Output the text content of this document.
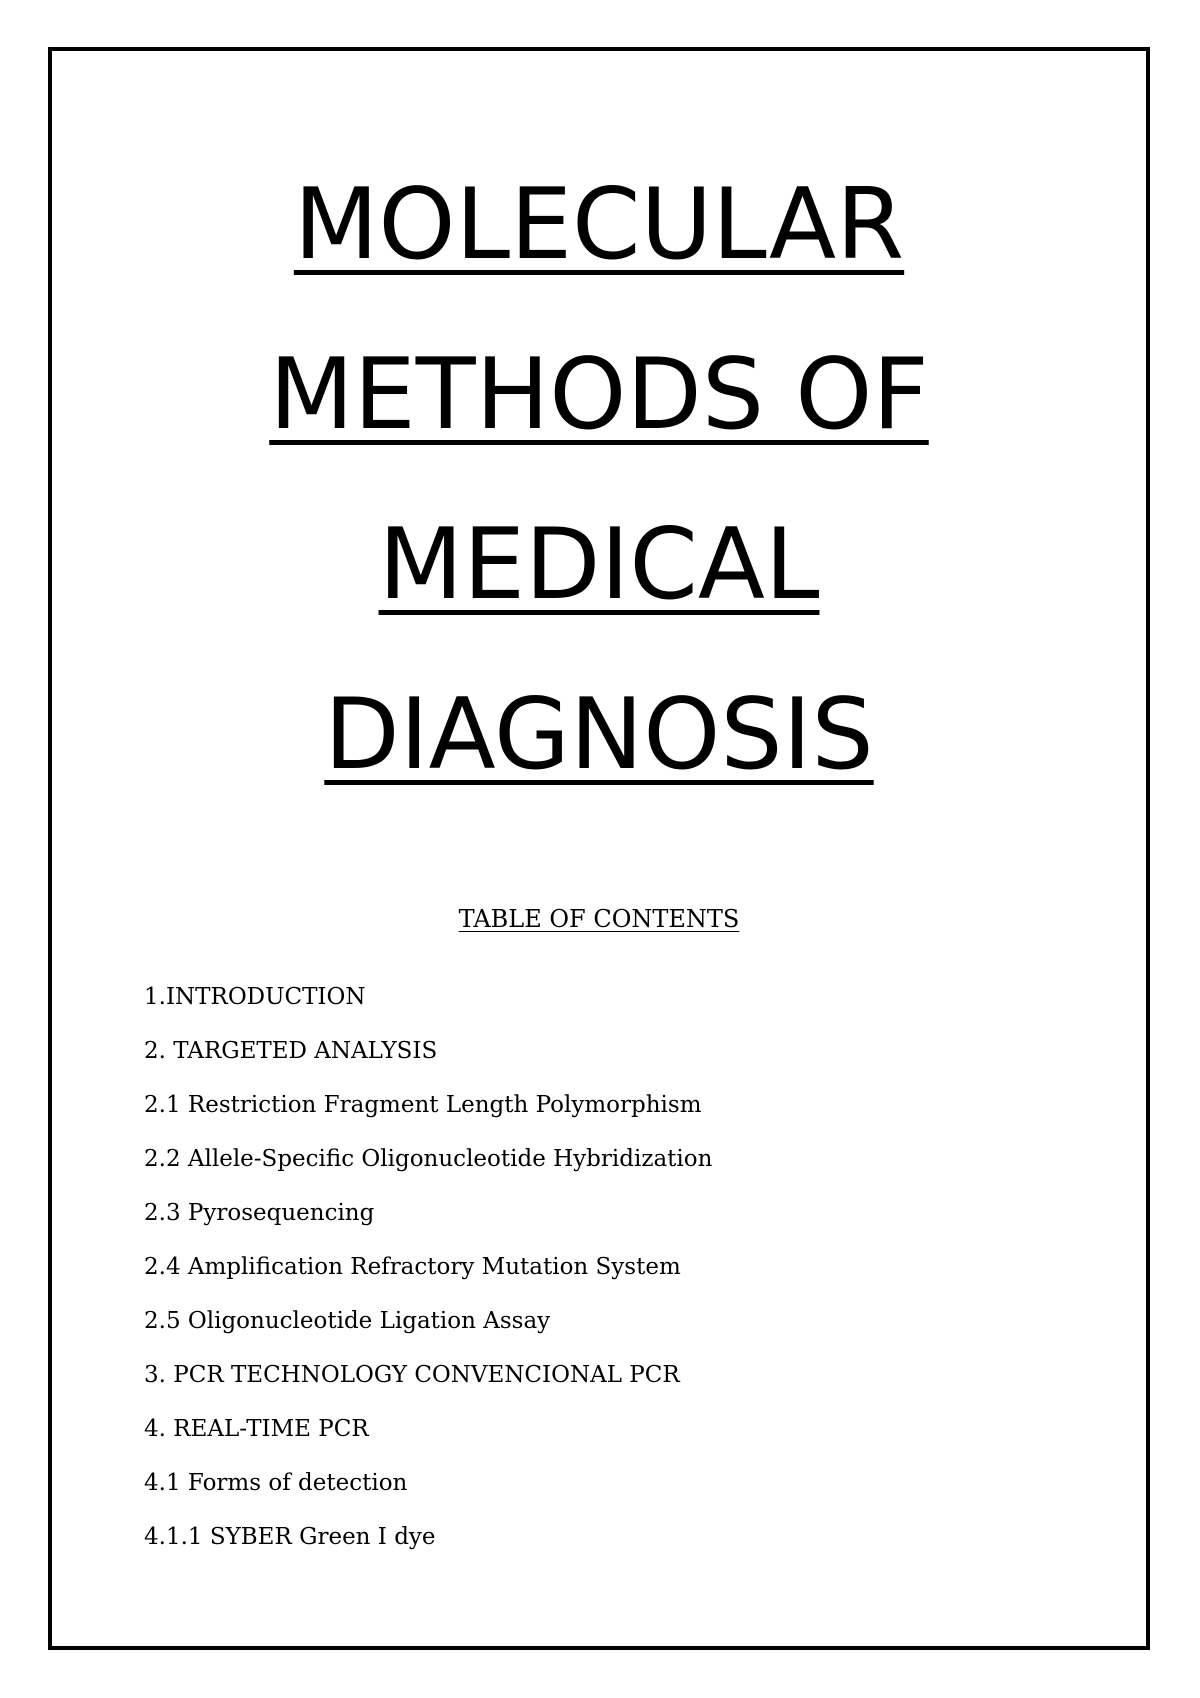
MOLECULAR
METHODS OF
MEDICAL
DIAGNOSIS
TABLE OF CONTENTS
1.INTRODUCTION
2. TARGETED ANALYSIS
2.1 Restriction Fragment Length Polymorphism
2.2 Allele-Specific Oligonucleotide Hybridization
2.3 Pyrosequencing
2.4 Amplification Refractory Mutation System
2.5 Oligonucleotide Ligation Assay
3. PCR TECHNOLOGY CONVENCIONAL PCR
4. REAL-TIME PCR
4.1 Forms of detection
4.1.1 SYBER Green I dye
